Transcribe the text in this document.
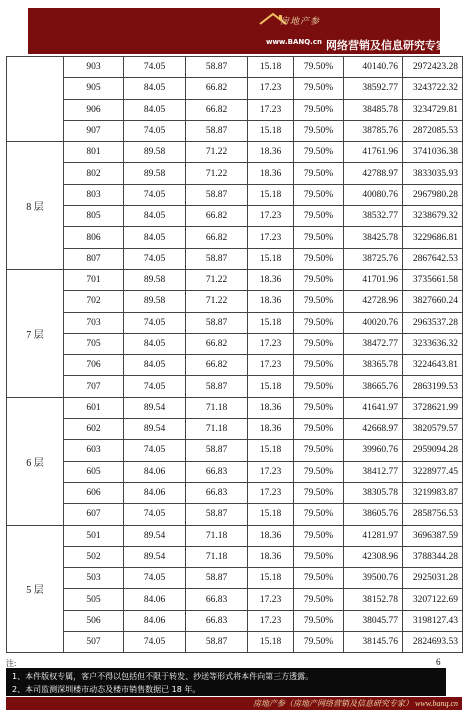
房地产参
www.BANQ.cn 网络营销及信息研究专家
	903	74.05	58.87	15.18	79.50%	40140.76	2972423.28
	905	84.05	66.82	17.23	79.50%	38592.77	3243722.32
	906	84.05	66.82	17.23	79.50%	38485.78	3234729.81
	907	74.05	58.87	15.18	79.50%	38785.76	2872085.53
8 层	801	89.58	71.22	18.36	79.50%	41761.96	3741036.38
	802	89.58	71.22	18.36	79.50%	42788.97	3833035.93
	803	74.05	58.87	15.18	79.50%	40080.76	2967980.28
	805	84.05	66.82	17.23	79.50%	38532.77	3238679.32
	806	84.05	66.82	17.23	79.50%	38425.78	3229686.81
	807	74.05	58.87	15.18	79.50%	38725.76	2867642.53
7 层	701	89.58	71.22	18.36	79.50%	41701.96	3735661.58
	702	89.58	71.22	18.36	79.50%	42728.96	3827660.24
	703	74.05	58.87	15.18	79.50%	40020.76	2963537.28
	705	84.05	66.82	17.23	79.50%	38472.77	3233636.32
	706	84.05	66.82	17.23	79.50%	38365.78	3224643.81
	707	74.05	58.87	15.18	79.50%	38665.76	2863199.53
6 层	601	89.54	71.18	18.36	79.50%	41641.97	3728621.99
	602	89.54	71.18	18.36	79.50%	42668.97	3820579.57
	603	74.05	58.87	15.18	79.50%	39960.76	2959094.28
	605	84.06	66.83	17.23	79.50%	38412.77	3228977.45
	606	84.06	66.83	17.23	79.50%	38305.78	3219983.87
	607	74.05	58.87	15.18	79.50%	38605.76	2858756.53
5 层	501	89.54	71.18	18.36	79.50%	41281.97	3696387.59
	502	89.54	71.18	18.36	79.50%	42308.96	3788344.28
	503	74.05	58.87	15.18	79.50%	39500.76	2925031.28
	505	84.06	66.83	17.23	79.50%	38152.78	3207122.69
	506	84.06	66.83	17.23	79.50%	38045.77	3198127.43
	507	74.05	58.87	15.18	79.50%	38145.76	2824693.53
注:	6
1、本件版权专属，客户不得以包括但不限于转发、抄送等形式将本件向第三方透露。
2、本司监测深圳楼市动态及楼市销售数据已 18 年。
房地产参（房地产网络营销及信息研究专家） www.banq.cn
